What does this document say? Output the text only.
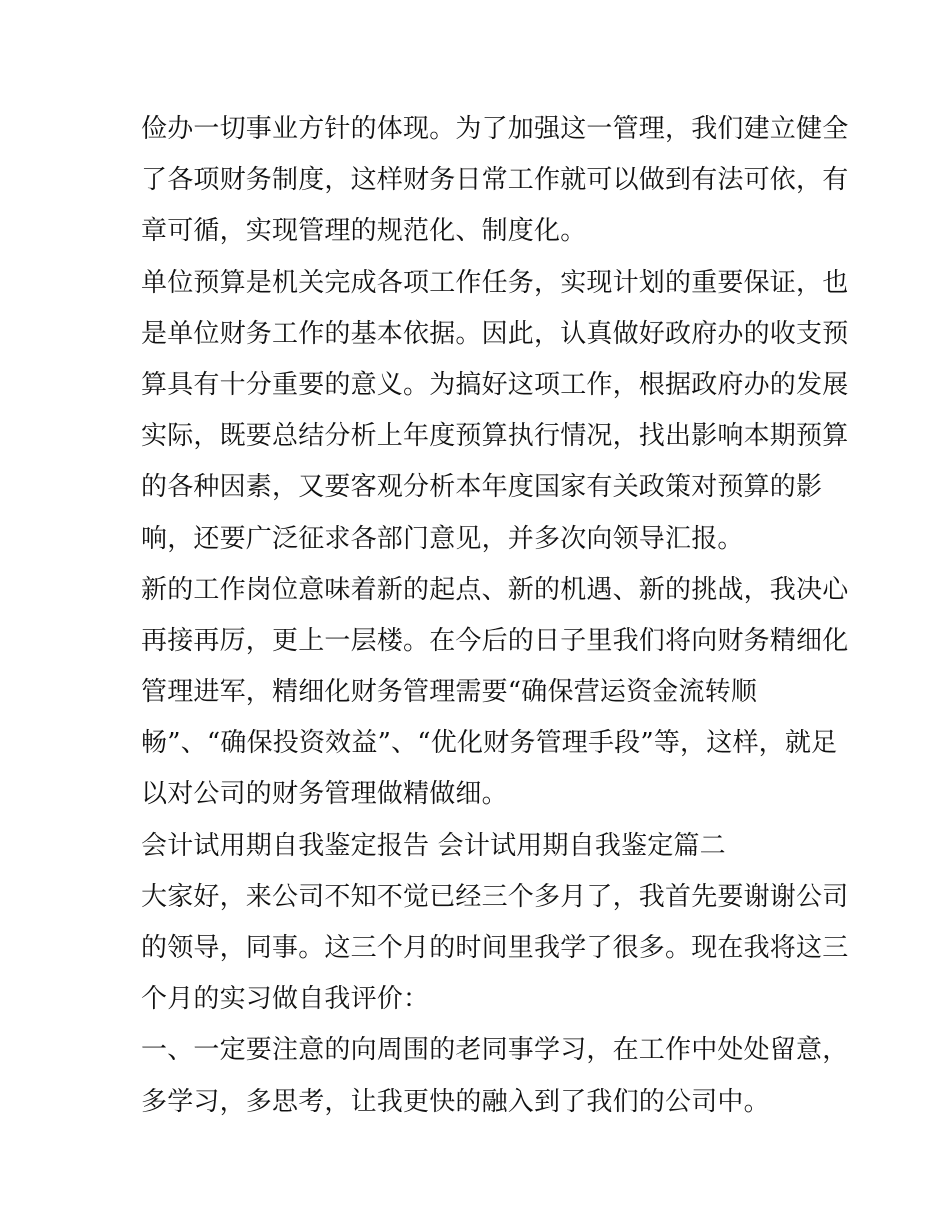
俭办一切事业方针的体现。为了加强这一管理，我们建立健全
了各项财务制度，这样财务日常工作就可以做到有法可依，有
章可循，实现管理的规范化、制度化。
单位预算是机关完成各项工作任务，实现计划的重要保证，也
是单位财务工作的基本依据。因此，认真做好政府办的收支预
算具有十分重要的意义。为搞好这项工作，根据政府办的发展
实际，既要总结分析上年度预算执行情况，找出影响本期预算
的各种因素，又要客观分析本年度国家有关政策对预算的影
响，还要广泛征求各部门意见，并多次向领导汇报。
新的工作岗位意味着新的起点、新的机遇、新的挑战，我决心
再接再厉，更上一层楼。在今后的日子里我们将向财务精细化
管理进军，精细化财务管理需要“确保营运资金流转顺
畅”、“确保投资效益”、“优化财务管理手段”等，这样，就足
以对公司的财务管理做精做细。
会计试用期自我鉴定报告 会计试用期自我鉴定篇二
大家好，来公司不知不觉已经三个多月了，我首先要谢谢公司
的领导，同事。这三个月的时间里我学了很多。现在我将这三
个月的实习做自我评价：
一、一定要注意的向周围的老同事学习，在工作中处处留意，
多学习，多思考，让我更快的融入到了我们的公司中。
